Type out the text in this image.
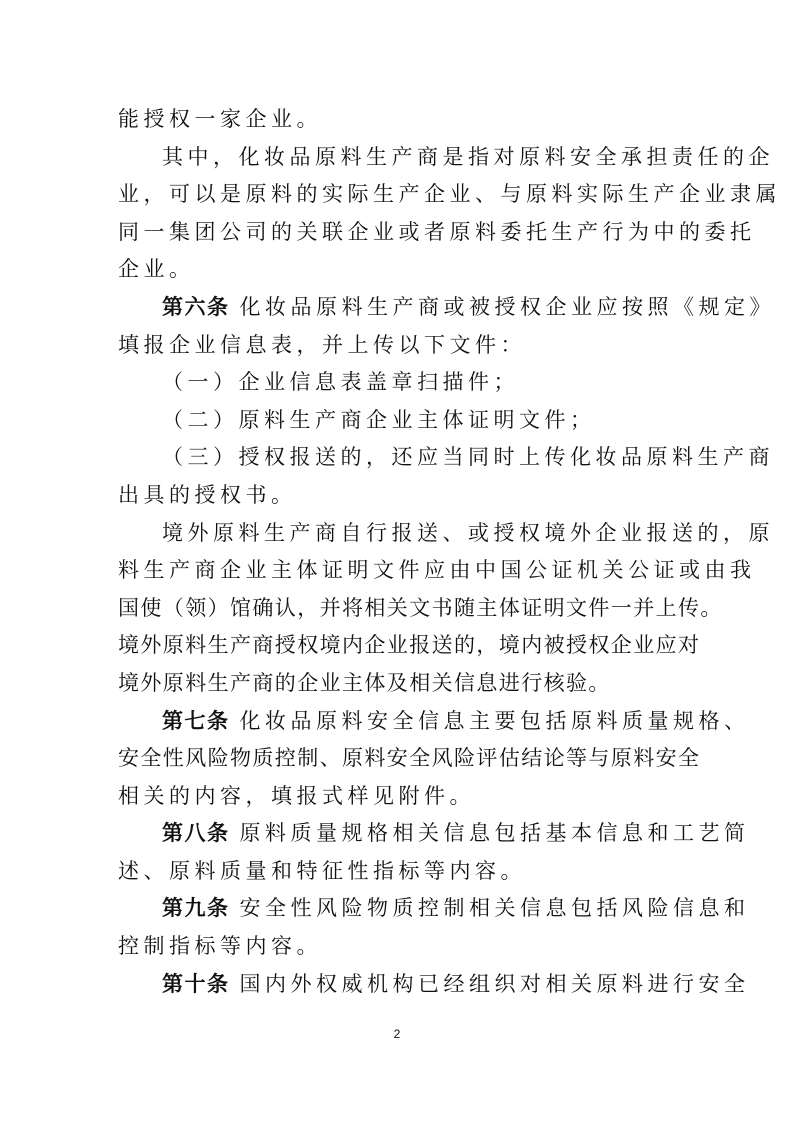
能授权一家企业。
其中，化妆品原料生产商是指对原料安全承担责任的企
业，可以是原料的实际生产企业、与原料实际生产企业隶属
同一集团公司的关联企业或者原料委托生产行为中的委托
企业。
第六条 化妆品原料生产商或被授权企业应按照《规定》
填报企业信息表，并上传以下文件：
（一）企业信息表盖章扫描件；
（二）原料生产商企业主体证明文件；
（三）授权报送的，还应当同时上传化妆品原料生产商
出具的授权书。
境外原料生产商自行报送、或授权境外企业报送的，原
料生产商企业主体证明文件应由中国公证机关公证或由我
国使（领）馆确认，并将相关文书随主体证明文件一并上传。
境外原料生产商授权境内企业报送的，境内被授权企业应对
境外原料生产商的企业主体及相关信息进行核验。
第七条 化妆品原料安全信息主要包括原料质量规格、
安全性风险物质控制、原料安全风险评估结论等与原料安全
相关的内容，填报式样见附件。
第八条 原料质量规格相关信息包括基本信息和工艺简
述、原料质量和特征性指标等内容。
第九条 安全性风险物质控制相关信息包括风险信息和
控制指标等内容。
第十条 国内外权威机构已经组织对相关原料进行安全
2
